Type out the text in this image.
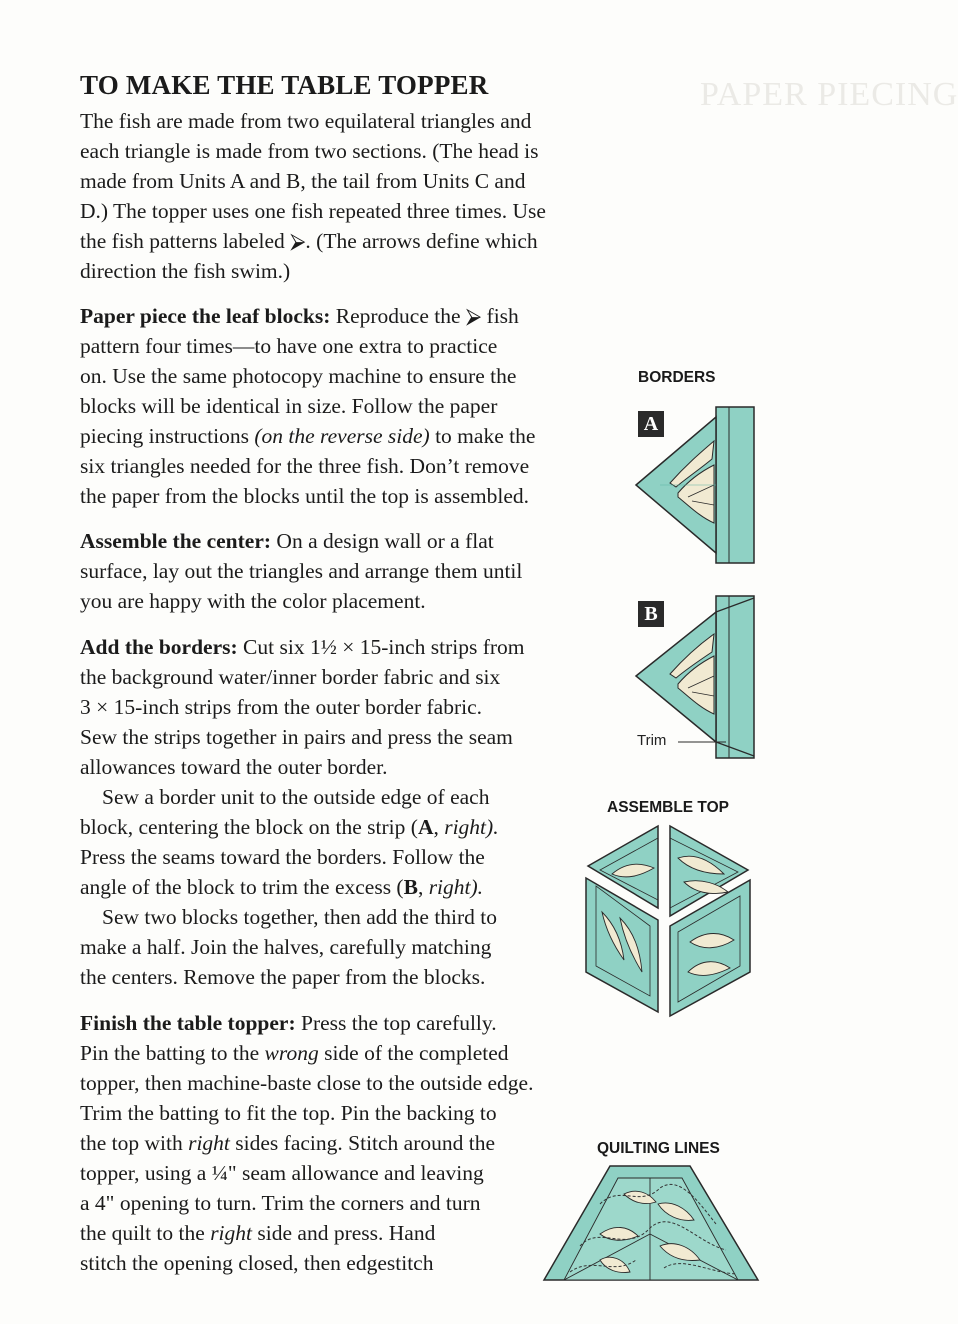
PAPER PIECING
TO MAKE THE TABLE TOPPER
The fish are made from two equilateral triangles and
each triangle is made from two sections. (The head is
made from Units A and B, the tail from Units C and
D.) The topper uses one fish repeated three times. Use
the fish patterns labeled ⮚. (The arrows define which
direction the fish swim.)
Paper piece the leaf blocks: Reproduce the ⮚ fish
pattern four times—to have one extra to practice
on. Use the same photocopy machine to ensure the
blocks will be identical in size. Follow the paper
piecing instructions (on the reverse side) to make the
six triangles needed for the three fish. Don’t remove
the paper from the blocks until the top is assembled.
Assemble the center: On a design wall or a flat
surface, lay out the triangles and arrange them until
you are happy with the color placement.
Add the borders: Cut six 1½ × 15-inch strips from
the background water/inner border fabric and six
3 × 15-inch strips from the outer border fabric.
Sew the strips together in pairs and press the seam
allowances toward the outer border.
Sew a border unit to the outside edge of each
block, centering the block on the strip (A, right).
Press the seams toward the borders. Follow the
angle of the block to trim the excess (B, right).
Sew two blocks together, then add the third to
make a half. Join the halves, carefully matching
the centers. Remove the paper from the blocks.
Finish the table topper: Press the top carefully.
Pin the batting to the wrong side of the completed
topper, then machine-baste close to the outside edge.
Trim the batting to fit the top. Pin the backing to
the top with right sides facing. Stitch around the
topper, using a ¼" seam allowance and leaving
a 4" opening to turn. Trim the corners and turn
the quilt to the right side and press. Hand
stitch the opening closed, then edgestitch
BORDERS
A
B
Trim
ASSEMBLE TOP
QUILTING LINES
